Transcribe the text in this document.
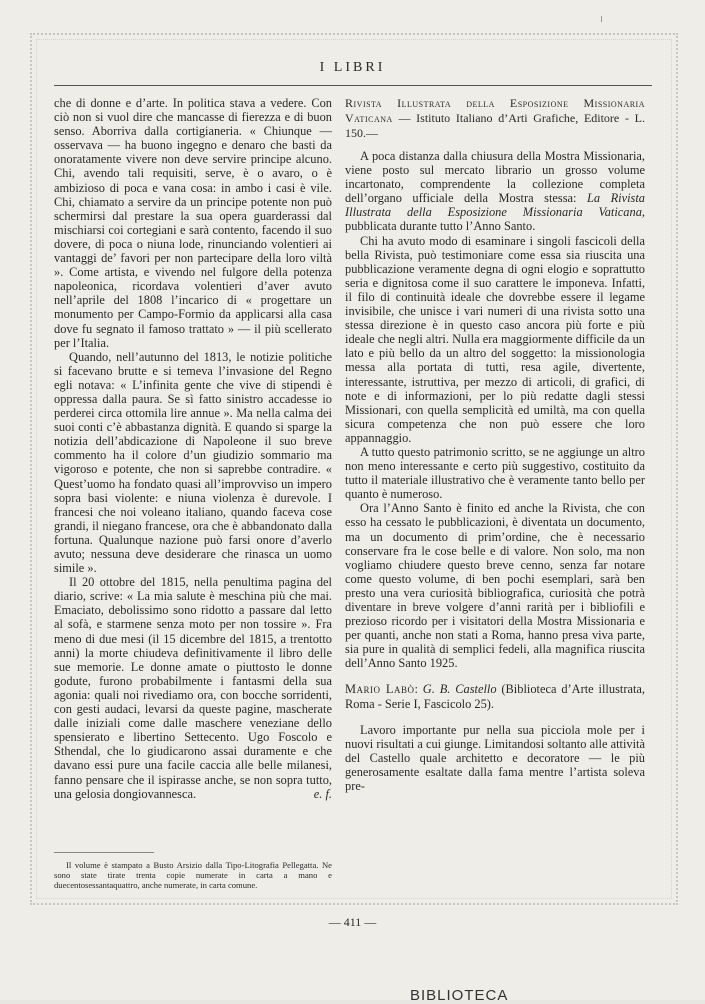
I LIBRI

che di donne e d’arte. In politica stava a vedere. Con ciò non si vuol dire che mancasse di fierezza e di buon senso. Aborriva dalla cortigianeria. « Chiunque — osservava — ha buono ingegno e denaro che basti da onoratamente vivere non deve servire principe alcuno. Chi, avendo tali requisiti, serve, è o avaro, o è ambizioso di poca e vana cosa: in ambo i casi è vile. Chi, chiamato a servire da un principe potente non può schermirsi dal prestare la sua opera guarderassi dal mischiarsi coi cortegiani e sarà contento, facendo il suo dovere, di poca o niuna lode, rinunciando volentieri ai vantaggi de’ favori per non partecipare della loro viltà ». Come artista, e vivendo nel fulgore della potenza napoleonica, ricordava volentieri d’aver avuto nell’aprile del 1808 l’incarico di « progettare un monumento per Campo-Formio da applicarsi alla casa dove fu segnato il famoso trattato » — il più scellerato per l’Italia.

Quando, nell’autunno del 1813, le notizie politiche si facevano brutte e si temeva l’invasione del Regno egli notava: « L’infinita gente che vive di stipendi è oppressa dalla paura. Se sì fatto sinistro accadesse io perderei circa ottomila lire annue ». Ma nella calma dei suoi conti c’è abbastanza dignità. E quando si sparge la notizia dell’abdicazione di Napoleone il suo breve commento ha il colore d’un giudizio sommario ma vigoroso e potente, che non si saprebbe contradire. « Quest’uomo ha fondato quasi all’improvviso un impero sopra basi violente: e niuna violenza è durevole. I francesi che noi voleano italiano, quando faceva cose grandi, il niegano francese, ora che è abbandonato dalla fortuna. Qualunque nazione può farsi onore d’averlo avuto; nessuna deve desiderare che rinasca un uomo simile ».

Il 20 ottobre del 1815, nella penultima pagina del diario, scrive: « La mia salute è meschina più che mai. Emaciato, debolissimo sono ridotto a passare dal letto al sofà, e starmene senza moto per non tossire ». Fra meno di due mesi (il 15 dicembre del 1815, a trentotto anni) la morte chiudeva definitivamente il libro delle sue memorie. Le donne amate o piuttosto le donne godute, furono probabilmente i fantasmi della sua agonia: quali noi rivediamo ora, con bocche sorridenti, con gesti audaci, levarsi da queste pagine, mascherate dalle iniziali come dalle maschere veneziane dello spensierato e libertino Settecento. Ugo Foscolo e Sthendal, che lo giudicarono assai duramente e che davano essi pure una facile caccia alle belle milanesi, fanno pensare che il ispirasse anche, se non sopra tutto, una gelosia dongiovannesca.	e. f.

Il volume è stampato a Busto Arsizio dalla Tipo-Litografia Pellegatta. Ne sono state tirate trenta copie numerate in carta a mano e duecentosessantaquattro, anche numerate, in carta comune.

Rivista Illustrata della Esposizione Missionaria Vaticana — Istituto Italiano d’Arti Grafiche, Editore - L. 150.—

A poca distanza dalla chiusura della Mostra Missionaria, viene posto sul mercato librario un grosso volume incartonato, comprendente la collezione completa dell’organo ufficiale della Mostra stessa: La Rivista Illustrata della Esposizione Missionaria Vaticana, pubblicata durante tutto l’Anno Santo.

Chi ha avuto modo di esaminare i singoli fascicoli della bella Rivista, può testimoniare come essa sia riuscita una pubblicazione veramente degna di ogni elogio e soprattutto seria e dignitosa come il suo carattere le imponeva. Infatti, il filo di continuità ideale che dovrebbe essere il legame invisibile, che unisce i vari numeri di una rivista sotto una stessa direzione è in questo caso ancora più forte e più ideale che negli altri. Nulla era maggiormente difficile da un lato e più bello da un altro del soggetto: la missionologia messa alla portata di tutti, resa agile, divertente, interessante, istruttiva, per mezzo di articoli, di grafici, di note e di informazioni, per lo più redatte dagli stessi Missionari, con quella semplicità ed umiltà, ma con quella sicura competenza che non può essere che loro appannaggio.

A tutto questo patrimonio scritto, se ne aggiunge un altro non meno interessante e certo più suggestivo, costituito da tutto il materiale illustrativo che è veramente tanto bello per quanto è numeroso.

Ora l’Anno Santo è finito ed anche la Rivista, che con esso ha cessato le pubblicazioni, è diventata un documento, ma un documento di prim’ordine, che è necessario conservare fra le cose belle e di valore. Non solo, ma non vogliamo chiudere questo breve cenno, senza far notare come questo volume, di ben pochi esemplari, sarà ben presto una vera curiosità bibliografica, curiosità che potrà diventare in breve volgere d’anni rarità per i bibliofili e prezioso ricordo per i visitatori della Mostra Missionaria e per quanti, anche non stati a Roma, hanno presa viva parte, sia pure in qualità di semplici fedeli, alla magnifica riuscita dell’Anno Santo 1925.

Mario Labò: G. B. Castello (Biblioteca d’Arte illustrata, Roma - Serie I, Fascicolo 25).

Lavoro importante pur nella sua picciola mole per i nuovi risultati a cui giunge. Limitandosi soltanto alle attività del Castello quale architetto e decoratore — le più generosamente esaltate dalla fama mentre l’artista soleva pre-

— 411 —
BIBLIOTECA
